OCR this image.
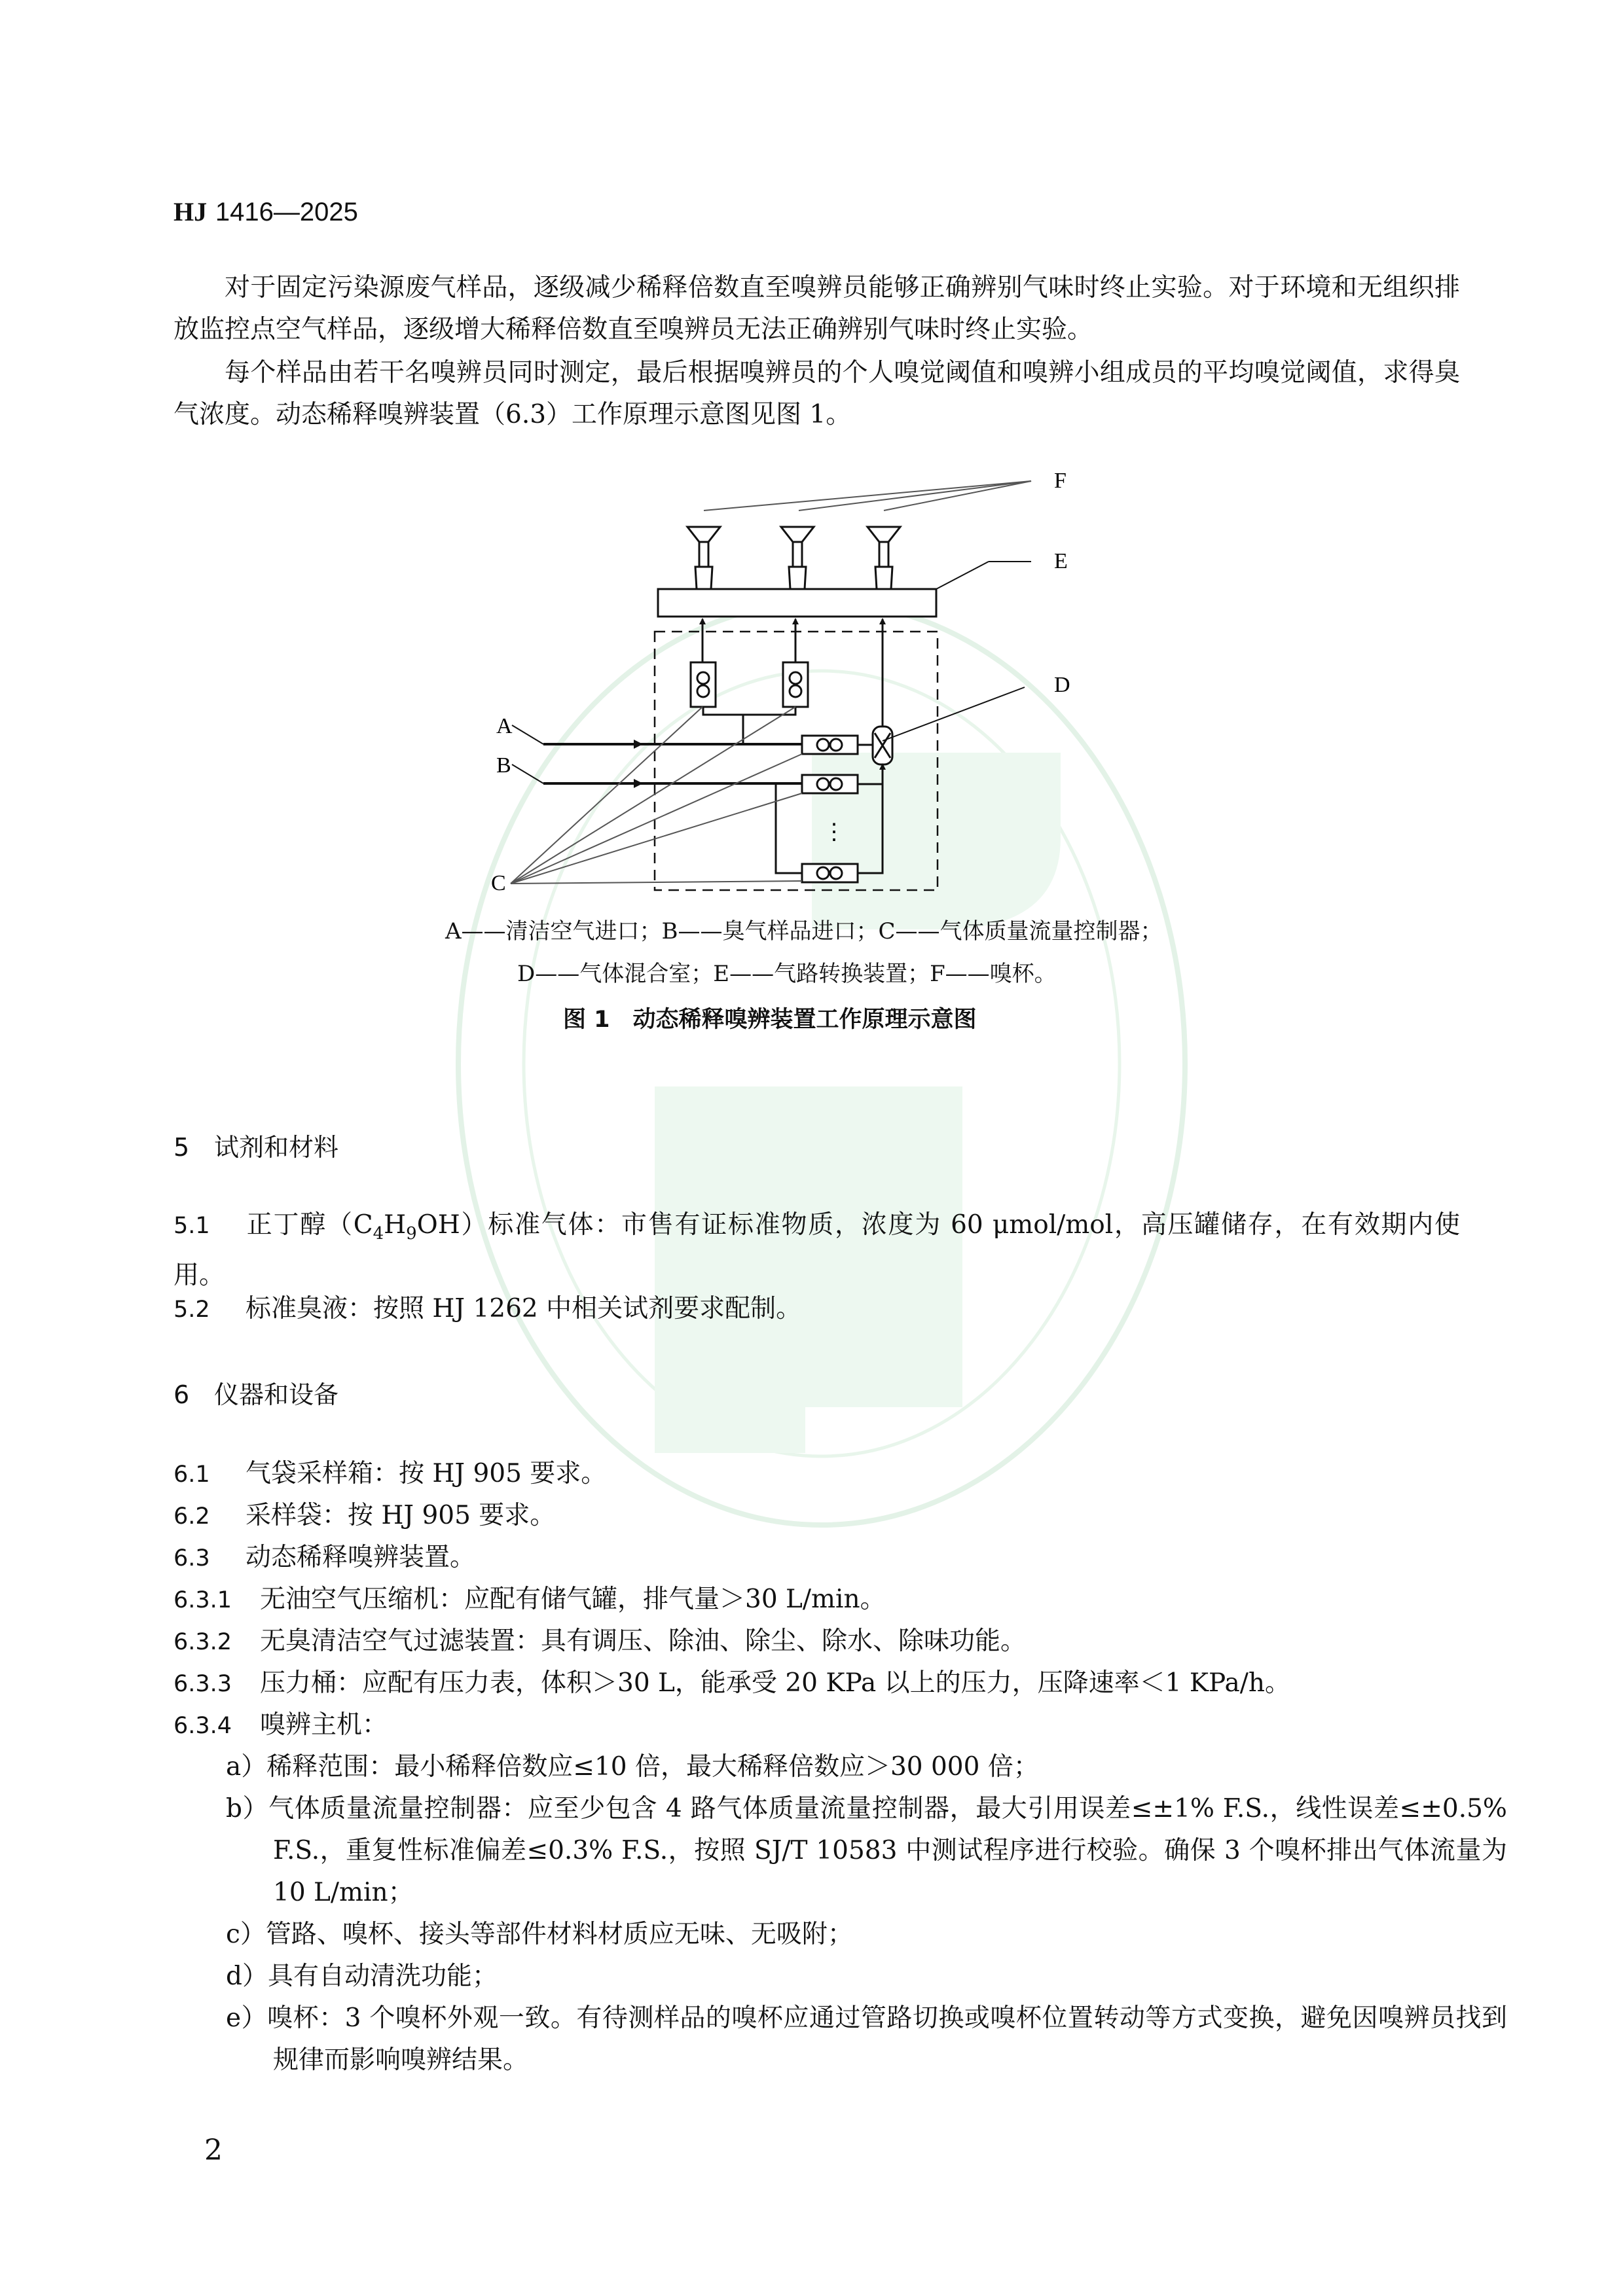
HJ 1416—2025

对于固定污染源废气样品，逐级减少稀释倍数直至嗅辨员能够正确辨别气味时终止实验。对于环境和无组织排放监控点空气样品，逐级增大稀释倍数直至嗅辨员无法正确辨别气味时终止实验。

每个样品由若干名嗅辨员同时测定，最后根据嗅辨员的个人嗅觉阈值和嗅辨小组成员的平均嗅觉阈值，求得臭气浓度。动态稀释嗅辨装置（6.3）工作原理示意图见图 1。

F
E
A
B
⋮
D
C
A——清洁空气进口；B——臭气样品进口；C——气体质量流量控制器；
D——气体混合室；E——气路转换装置；F——嗅杯。
图 1　动态稀释嗅辨装置工作原理示意图
5 试剂和材料
5.1 正丁醇$(C_4H_9OH)$标准气体：市售有证标准物质，浓度为 60 μmol/mol，高压罐储存，在有效期内使用。
5.2 标准臭液：按照 HJ 1262 中相关试剂要求配制。
6 仪器和设备
6.1 气袋采样箱：按 HJ 905 要求。
6.2 采样袋：按 HJ 905 要求。
6.3 动态稀释嗅辨装置。
6.3.1 无油空气压缩机：应配有储气罐，排气量＞30 L/min。
6.3.2 无臭清洁空气过滤装置：具有调压、除油、除尘、除水、除味功能。
6.3.3 压力桶：应配有压力表，体积＞30 L，能承受 20 KPa 以上的压力，压降速率＜1 KPa/h。
6.3.4 嗅辨主机：
a）稀释范围：最小稀释倍数应≤10 倍，最大稀释倍数应＞30 000 倍；
b）气体质量流量控制器：应至少包含 4 路气体质量流量控制器，最大引用误差≤±1% F.S.，线性误差≤±0.5% F.S.，重复性标准偏差≤0.3% F.S.，按照 SJ/T 10583 中测试程序进行校验。确保 3 个嗅杯排出气体流量为 10 L/min；
c）管路、嗅杯、接头等部件材料材质应无味、无吸附；
d）具有自动清洗功能；
e）嗅杯：3 个嗅杯外观一致。有待测样品的嗅杯应通过管路切换或嗅杯位置转动等方式变换，避免因嗅辨员找到规律而影响嗅辨结果。
2
